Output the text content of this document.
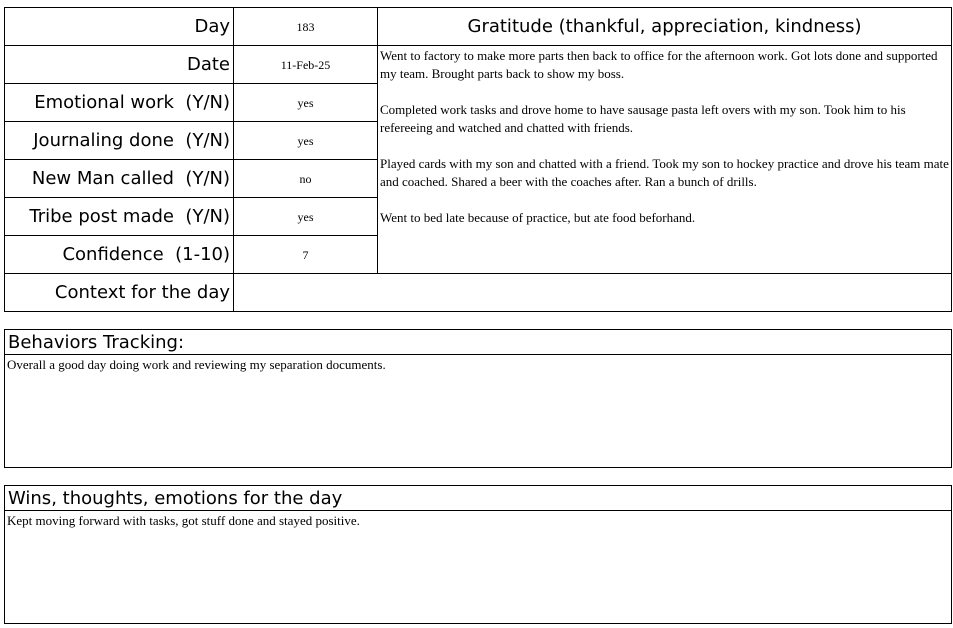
Day	183
Date	11-Feb-25
Emotional work  (Y/N)	yes
Journaling done  (Y/N)	yes
New Man called  (Y/N)	no
Tribe post made  (Y/N)	yes
Confidence  (1-10)	7
Context for the day
Gratitude (thankful, appreciation, kindness)

Went to factory to make more parts then back to office for the afternoon work. Got lots done and supported my team. Brought parts back to show my boss.

Completed work tasks and drove home to have sausage pasta left overs with my son. Took him to his refereeing and watched and chatted with friends.

Played cards with my son and chatted with a friend. Took my son to hockey practice and drove his team mate and coached. Shared a beer with the coaches after. Ran a bunch of drills.

Went to bed late because of practice, but ate food beforhand.

Behaviors Tracking:
Overall a good day doing work and reviewing my separation documents.
Wins, thoughts, emotions for the day
Kept moving forward with tasks, got stuff done and stayed positive.
